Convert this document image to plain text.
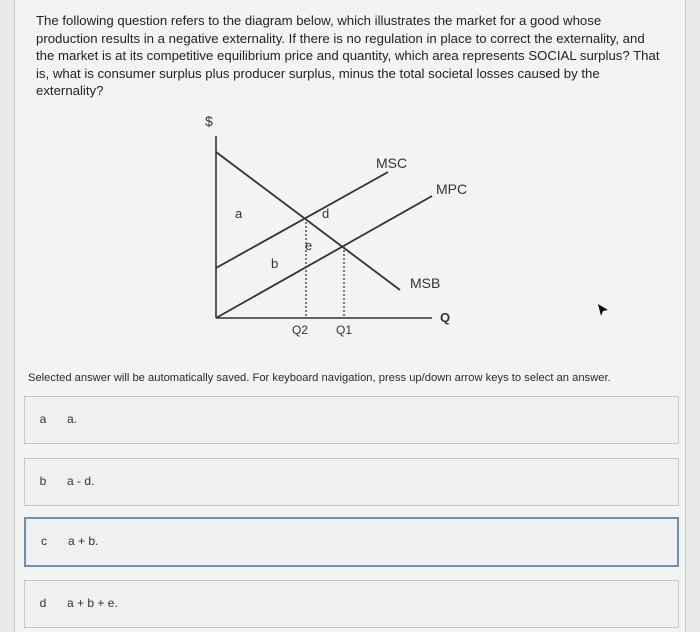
The following question refers to the diagram below, which illustrates the market for a good whose production results in a negative externality. If there is no regulation in place to correct the externality, and the market is at its competitive equilibrium price and quantity, which area represents SOCIAL surplus? That is, what is consumer surplus plus producer surplus, minus the total societal losses caused by the externality?
$
Q
MSC
MPC
MSB
a
b
d
e
Q2 Q1
Selected answer will be automatically saved. For keyboard navigation, press up/down arrow keys to select an answer.
a a.
b a - d.
c a + b.
d a + b + e.
